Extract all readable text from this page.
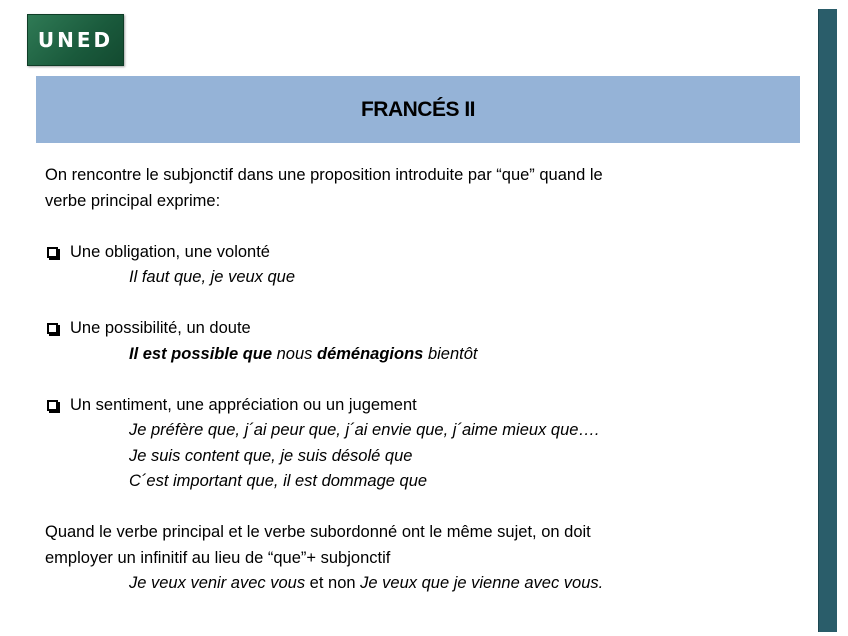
UNED
FRANCÉS II

On rencontre le subjonctif dans une proposition introduite par “que” quand le

verbe principal exprime:

Une obligation, une volonté

Il faut que, je veux que

Une possibilité, un doute

Il est possible que nous déménagions bientôt

Un sentiment, une appréciation ou un jugement

Je préfère que, j´ai peur que, j´ai envie que, j´aime mieux que….

Je suis content que, je suis désolé que

C´est important que, il est dommage que

Quand le verbe principal et le verbe subordonné ont le même sujet, on doit

employer un infinitif au lieu de “que”+ subjonctif

Je veux venir avec vous et non Je veux que je vienne avec vous.
